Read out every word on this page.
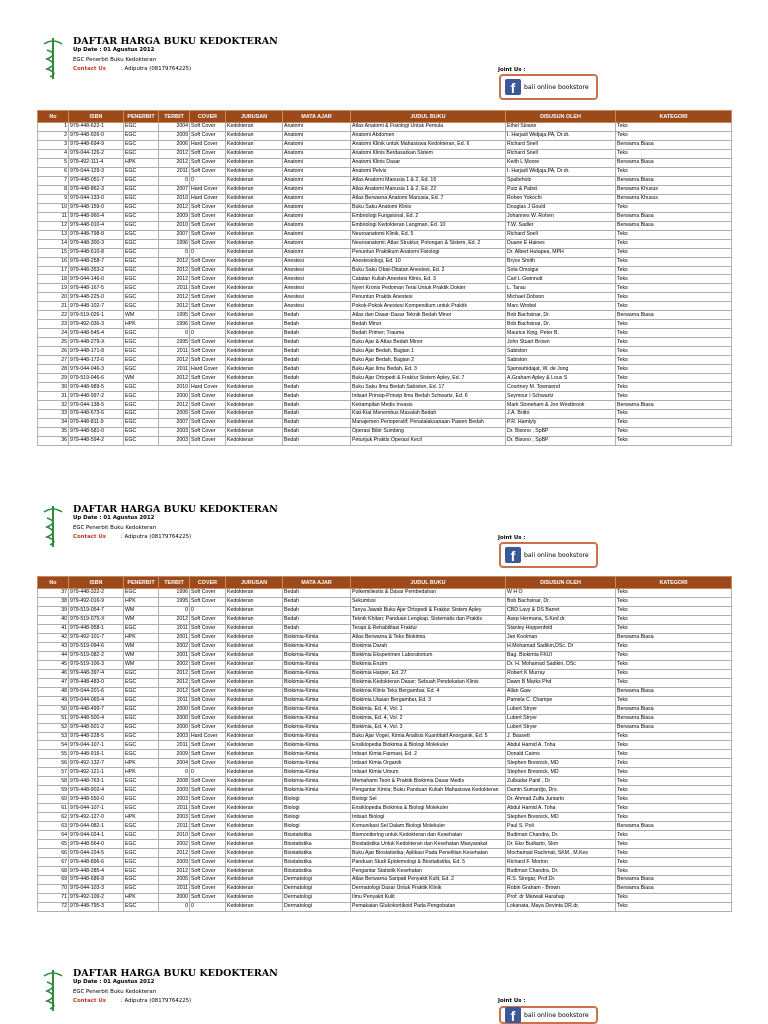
DAFTAR HARGA BUKU KEDOKTERAN
Up Date : 01 Agustus 2012
EGC Penerbit Buku Kedokteran
Contact Us	: Adiputra (08179764225)	Joint Us :
f	bali online bookstore
No	ISBN	PENERBIT	TERBIT	COVER	JURUSAN	MATA AJAR	JUDUL BUKU	DISUSUN OLEH	KATEGORI
1	979-448-622-1	EGC	2004	Soft Cover	Kedokteran	Anatomi	Atlas Anatomi & Fisiologi Untuk Pemula	Ethel Sloane	Teks
2	979-448-926-0	EGC	2009	Soft Cover	Kedokteran	Anatomi	Anatomi Abdomen	I. Harjadi Widjaja,PA, Dr.dr.	Teks
3	979-448-694-9	EGC	2006	Hard Cover	Kedokteran	Anatomi	Anatomi Klinik untuk Mahasiswa Kedokteran, Ed. 6	Richard Snell	Berwarna Biasa
4	979-044-126-2	EGC	2012	Soft Cover	Kedokteran	Anatomi	Anatomi Klinis Berdasarkan Sistem	Richard Snell	Teks
5	979-492-111-4	HPK	2012	Soft Cover	Kedokteran	Anatomi	Anatomi Klinis Dasar	Keith L Moore	Berwarna Biasa
6	979-044-129-3	EGC	2011	Soft Cover	Kedokteran	Anatomi	Anatomi Pelvis	I. Harjadi Widjaja,PA, Dr.dr.	Teks
7	979-448-051-7	EGC	0	0	Kedokteran	Anatomi	Atlas Anatomi Manusia 1 & 2, Ed. 16	Spalteholz	Berwarna Biasa
8	979-448-862-3	EGC	2007	Hard Cover	Kedokteran	Anatomi	Atlas Anatomi Manusia 1 & 2, Ed. 22	Putz & Pabst	Berwarna Khusus
9	979-044-133-0	EGC	2010	Hard Cover	Kedokteran	Anatomi	Atlas Berwarna Anatomi Manusia, Ed. 7	Rohen Yokochi	Berwarna Khusus
10	979-448-159-0	EGC	2012	Soft Cover	Kedokteran	Anatomi	Buku Saku Anatomi Klinis	Douglas J Gould	Teks
11	979-448-960-4	EGC	2009	Soft Cover	Kedokteran	Anatomi	Embriologi Fungsional, Ed. 2	Johannes W. Rohen	Berwarna Biasa
12	979-448-010-4	EGC	2010	Soft Cover	Kedokteran	Anatomi	Embriologi Kedokteran Langman, Ed. 10	T.W. Sadler	Berwarna Biasa
13	979-448-798-8	EGC	2007	Soft Cover	Kedokteran	Anatomi	Neuroanatomi Klinik, Ed. 5	Richard Snell	Teks
14	979-448-300-3	EGC	1996	Soft Cover	Kedokteran	Anatomi	Neuroanatomi; Atlas Struktur, Potongan & Sistem, Ed. 2	Duane E Haines	Teks
15	979-448-610-8	EGC	0	0	Kedokteran	Anatomi	Penuntun Praktikum Anatomi Fisiologi	Dr. Albert Hutapea, MPH	Teks
16	979-448-258-7	EGC	2012	Soft Cover	Kedokteran	Anestesi	Anestesiologi, Ed. 10	Bryce Smith	Teks
17	979-448-353-2	EGC	2012	Soft Cover	Kedokteran	Anestesi	Buku Saku Obat-Obatan Anestesi, Ed. 2	Sota Omoigui	Teks
18	979-044-146-0	EGC	2012	Soft Cover	Kedokteran	Anestesi	Catatan Kuliah Anestesi Klinis, Ed. 3	Carl L Gwinnutt	Teks
19	979-448-167-5	EGC	2011	Soft Cover	Kedokteran	Anestesi	Nyeri Kronis Pedoman Terai Untuk Praktik Dokter	L. Tarau	Teks
20	979-448-225-0	EGC	2012	Soft Cover	Kedokteran	Anestesi	Penuntun Praktis Anestesi	Michael Dobson	Teks
21	979-448-102-7	EGC	2012	Soft Cover	Kedokteran	Anestesi	Pokok-Pokok Anestesi Kompendium untuk Praktik	Marc Wrobel	Teks
22	979-519-026-1	WM	1995	Soft Cover	Kedokteran	Bedah	Atlas dan Dasar-Dasar Teknik Bedah Minor	Bob Bachsinar, Dr.	Berwarna Biasa
23	979-492-036-3	HPK	1996	Soft Cover	Kedokteran	Bedah	Bedah Minor	Bob Bachsinar, Dr.	Teks
24	979-448-545-4	EGC	0	0	Kedokteran	Bedah	Bedah Primer; Trauma	Maurice King, Peter B.	Teks
25	979-448-279-X	EGC	1995	Soft Cover	Kedokteran	Bedah	Buku Ajar & Atlas Bedah Minor	John Stuart Brown	Teks
26	979-448-171-8	EGC	2011	Soft Cover	Kedokteran	Bedah	Buku Ajar Bedah, Bagian 1	Sabiston	Teks
27	979-448-172-6	EGC	2012	Soft Cover	Kedokteran	Bedah	Buku Ajar Bedah, Bagian 2	Sabiston	Teks
28	979-044-046-3	EGC	2011	Hard Cover	Kedokteran	Bedah	Buku Ajar Ilmu Bedah, Ed. 3	Sjamsuhidajat, W. de Jong	Teks
29	979-519-046-6	WM	2012	Soft Cover	Kedokteran	Bedah	Buku Ajar Ortopedi & Fraktur Sistem Apley, Ed. 7	A.Graham Apley & Lous S	Teks
30	979-448-989-5	EGC	2010	Hard Cover	Kedokteran	Bedah	Buku Saku Ilmu Bedah Sabiston, Ed. 17	Courtney M. Townsend	Teks
31	979-448-997-2	EGC	2000	Soft Cover	Kedokteran	Bedah	Intisari Prinsip-Prinsip Ilmu Bedah Schwartz, Ed. 6	Seymour I Schwartz	Teks
32	979-044-138-5	EGC	2012	Soft Cover	Kedokteran	Bedah	Ketrampilan Medis Invasis	Mark Stoneham & Jon Westbrook	Berwarna Biasa
33	979-448-673-6	EGC	2005	Soft Cover	Kedokteran	Bedah	Kiat-Kiat Menembus Masalah Bedah	J.A. Britto	Teks
34	979-448-811-9	EGC	2007	Soft Cover	Kedokteran	Bedah	Manajemen Perioperatif; Penatalaksanaan Pasien Bedah	P.R. Hamlyly	Teks
35	979-448-581-0	EGC	2003	Soft Cover	Kedokteran	Bedah	Operasi Bibir Sumbing	Dr. Bisono , SpBP	Teks
36	979-448-594-2	EGC	2003	Soft Cover	Kedokteran	Bedah	Petunjuk Praktis Operasi Kecil	Dr. Bisono , SpBP	Teks
DAFTAR HARGA BUKU KEDOKTERAN
Up Date : 01 Agustus 2012
EGC Penerbit Buku Kedokteran
Contact Us	: Adiputra (08179764225)	Joint Us :
f	bali online bookstore
No	ISBN	PENERBIT	TERBIT	COVER	JURUSAN	MATA AJAR	JUDUL BUKU	DISUSUN OLEH	KATEGORI
37	979-448-322-2	EGC	1996	Soft Cover	Kedokteran	Bedah	Polkemiliestis & Dasar Pembedahan	W H O	Teks
38	979-492-016-9	HPK	1995	Soft Cover	Kedokteran	Bedah	Sekumissi	Bob Bachsinar, Dr.	Teks
39	979-519-054-7	WM	0	0	Kedokteran	Bedah	Tanya Jawab Buku Ajar Ortopedi & Fraktur Sistem Apley	CBD Lavy & DS Barret	Teks
40	979-519-075-X	WM	2012	Soft Cover	Kedokteran	Bedah	Teknik Khitan; Panduan Lengkap, Sistematis dan Praktis	Asep Hermana, S.Ked dr.	Teks
41	979-448-958-1	EGC	2011	Soft Cover	Kedokteran	Bedah	Terapi & Rehabilitasi Fraktur	Stanley Hoppenfeld	Teks
42	979-492-101-7	HPK	2001	Soft Cover	Kedokteran	Biokimia-Kimia	Atlas Berwarna & Teks Biokimia	Jan Koolman	Berwarna Biasa
43	979-519-094-6	WM	2002	Soft Cover	Kedokteran	Biokimia-Kimia	Biokimia Darah	H.Mohamad Sadikin,DSc. Dr	Teks
44	979-519-082-2	WM	2001	Soft Cover	Kedokteran	Biokimia-Kimia	Biokimia Eksperimen Laboratorium	Bag. Biokimia FKUI	Teks
45	979-519-106-3	WM	2002	Soft Cover	Kedokteran	Biokimia-Kimia	Biokimia Enzim	Dr. H. Mohamad Sadikin, DSc	Teks
46	979-448-397-4	EGC	2012	Soft Cover	Kedokteran	Biokimia-Kimia	Biokimia Harper, Ed. 27	Robert K Murray	Teks
47	979-448-483-0	EGC	2012	Soft Cover	Kedokteran	Biokimia-Kimia	Biokimia Kedokteran Dasar; Sebuah Pendekatan Klinis	Dawn B Marks Phd	Teks
48	979-044-201-6	EGC	2012	Soft Cover	Kedokteran	Biokimia-Kimia	Biokimia Klinis Teks Bergambar, Ed. 4	Allan Gaw	Berwarna Biasa
49	979-044-065-4	EGC	2011	Soft Cover	Kedokteran	Biokimia-Kimia	Biokimia Ulasan Bergambar, Ed. 3	Pamela C. Champe	Teks
50	979-448-499-7	EGC	2000	Soft Cover	Kedokteran	Biokimia-Kimia	Biokimia, Ed. 4, Vol. 1	Lubert Stryer	Berwarna Biasa
51	979-448-500-4	EGC	2000	Soft Cover	Kedokteran	Biokimia-Kimia	Biokimia, Ed. 4, Vol. 2	Lubert Stryer	Berwarna Biasa
52	979-448-501-2	EGC	2000	Soft Cover	Kedokteran	Biokimia-Kimia	Biokimia, Ed. 4, Vol. 3	Lubert Stryer	Berwarna Biasa
53	979-448-228-5	EGC	2003	Hard Cover	Kedokteran	Biokimia-Kimia	Buku Ajar Vogel, Kimia Analisis Kuantitatif Anorganik, Ed. 5	J. Bassett	Teks
54	979-044-107-1	EGC	2011	Soft Cover	Kedokteran	Biokimia-Kimia	Ensiklopedia Biokimia & Biologi Molekuler	Abdul Hamid A. Toha	Teks
55	979-448-916-1	EGC	2009	Soft Cover	Kedokteran	Biokimia-Kimia	Intisari Kimia Farmasi, Ed. 2	Donald Cairns	Teks
56	979-492-132-7	HPK	2004	Soft Cover	Kedokteran	Biokimia-Kimia	Intisari Kimia Organik	Stephen Bresnick, MD	Teks
57	979-492-121-1	HPK	0	0	Kedokteran	Biokimia-Kimia	Intisari Kimia Umum	Stephen Bresnick, MD	Teks
58	979-448-763-1	EGC	2008	Soft Cover	Kedokteran	Biokimia-Kimia	Memahami Teori & Praktik Biokimia Dasar Medis	Zulbadar Panil , Dr	Teks
59	979-448-902-4	EGC	2009	Soft Cover	Kedokteran	Biokimia-Kimia	Pengantar Kimia; Buku Panduan Kuliah Mahasiswa Kedokteran	Damin Sumardjo, Drs.	Teks
60	979-448-550-0	EGC	2003	Soft Cover	Kedokteran	Biologi	Biologi Sel	Dr. Ahmad Zulfa Juniarto	Teks
61	979-044-107-1	EGC	2011	Soft Cover	Kedokteran	Biologi	Ensiklopedia Biokimia & Biologi Molekuler	Abdul Hamid A. Toha	Teks
62	979-492-127-0	HPK	2003	Soft Cover	Kedokteran	Biologi	Intisari Biologi	Stephen Bresnick, MD	Teks
63	979-044-082-1	EGC	2011	Soft Cover	Kedokteran	Biologi	Komunikasi Sel Dalam Biologi Molekuler	Paul S. Poli	Berwarna Biasa
64	979-044-024-1	EGC	2010	Soft Cover	Kedokteran	Biostatistika	Biomonitoring untuk Kedokteran dan Kesehatan	Budiman Chandra, Dr.	Teks
65	979-448-564-0	EGC	2002	Soft Cover	Kedokteran	Biostatistika	Biostatistika Untuk Kedokteran dan Kesehatan Masyarakat	Dr. Eko Budiarto, Skm	Teks
66	979-044-224-5	EGC	2012	Soft Cover	Kedokteran	Biostatistika	Buku Ajar Biostatistika; Aplikasi Pada Penelitian Kesehatan	Mochamad Rachmat, SKM., M.Kes	Teks
67	979-448-896-6	EGC	2009	Soft Cover	Kedokteran	Biostatistika	Panduan Studi Epidemologi & Biostatistika, Ed. 5	Richard F. Morton	Teks
68	979-448-285-4	EGC	2012	Soft Cover	Kedokteran	Biostatistika	Pengantar Statistik Kesehatan	Budiman Chandra, Dr.	Teks
69	979-448-686-8	EGC	2005	Soft Cover	Kedokteran	Dermatologi	Atlas Berwarna Saripati Penyakit Kulit, Ed. 2	R.S. Siregar, Prof.Dr.	Berwarna Biasa
70	979-044-103-3	EGC	2011	Soft Cover	Kedokteran	Dermatologi	Dermatologi Dasar Untuk Praktik Klinik	Robin Graham - Brown	Berwarna Biasa
71	979-492-109-2	HPK	2000	Soft Cover	Kedokteran	Dermatologi	Ilmu Penyakit Kulit	Prof. dr Marwali Harahap	Teks
72	979-448-795-3	EGC	0	0	Kedokteran	Dermatologi	Pemakaian Glukokortikoid Pada Pengobatan	Lokanata, Maya Devinta DR.dr,	Teks
DAFTAR HARGA BUKU KEDOKTERAN
Up Date : 01 Agustus 2012
EGC Penerbit Buku Kedokteran
Contact Us	: Adiputra (08179764225)	Joint Us :
f	bali online bookstore
